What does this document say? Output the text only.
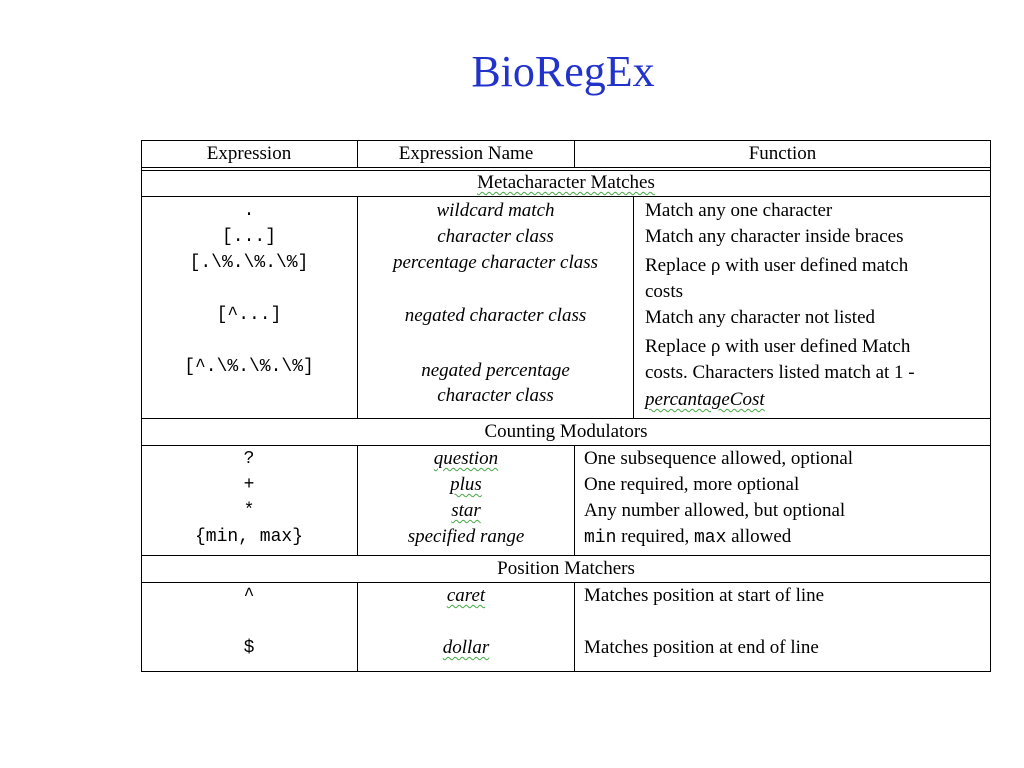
BioRegEx
Expression	Expression Name	Function
Metacharacter Matches
.
[...]
[.\%.\%.\%]
[^...]
[^.\%.\%.\%]
wildcard match
character class
percentage character class
negated character class
negated percentage
character class
Match any one character
Match any character inside braces
Replace ρ with user defined match
costs
Match any character not listed
Replace ρ with user defined Match
costs. Characters listed match at 1 -
percantageCost
Counting Modulators
?
+
*
{min, max}
question
plus
star
specified range
One subsequence allowed, optional
One required, more optional
Any number allowed, but optional
min required, max allowed
Position Matchers
^
$
caret
dollar
Matches position at start of line
Matches position at end of line
